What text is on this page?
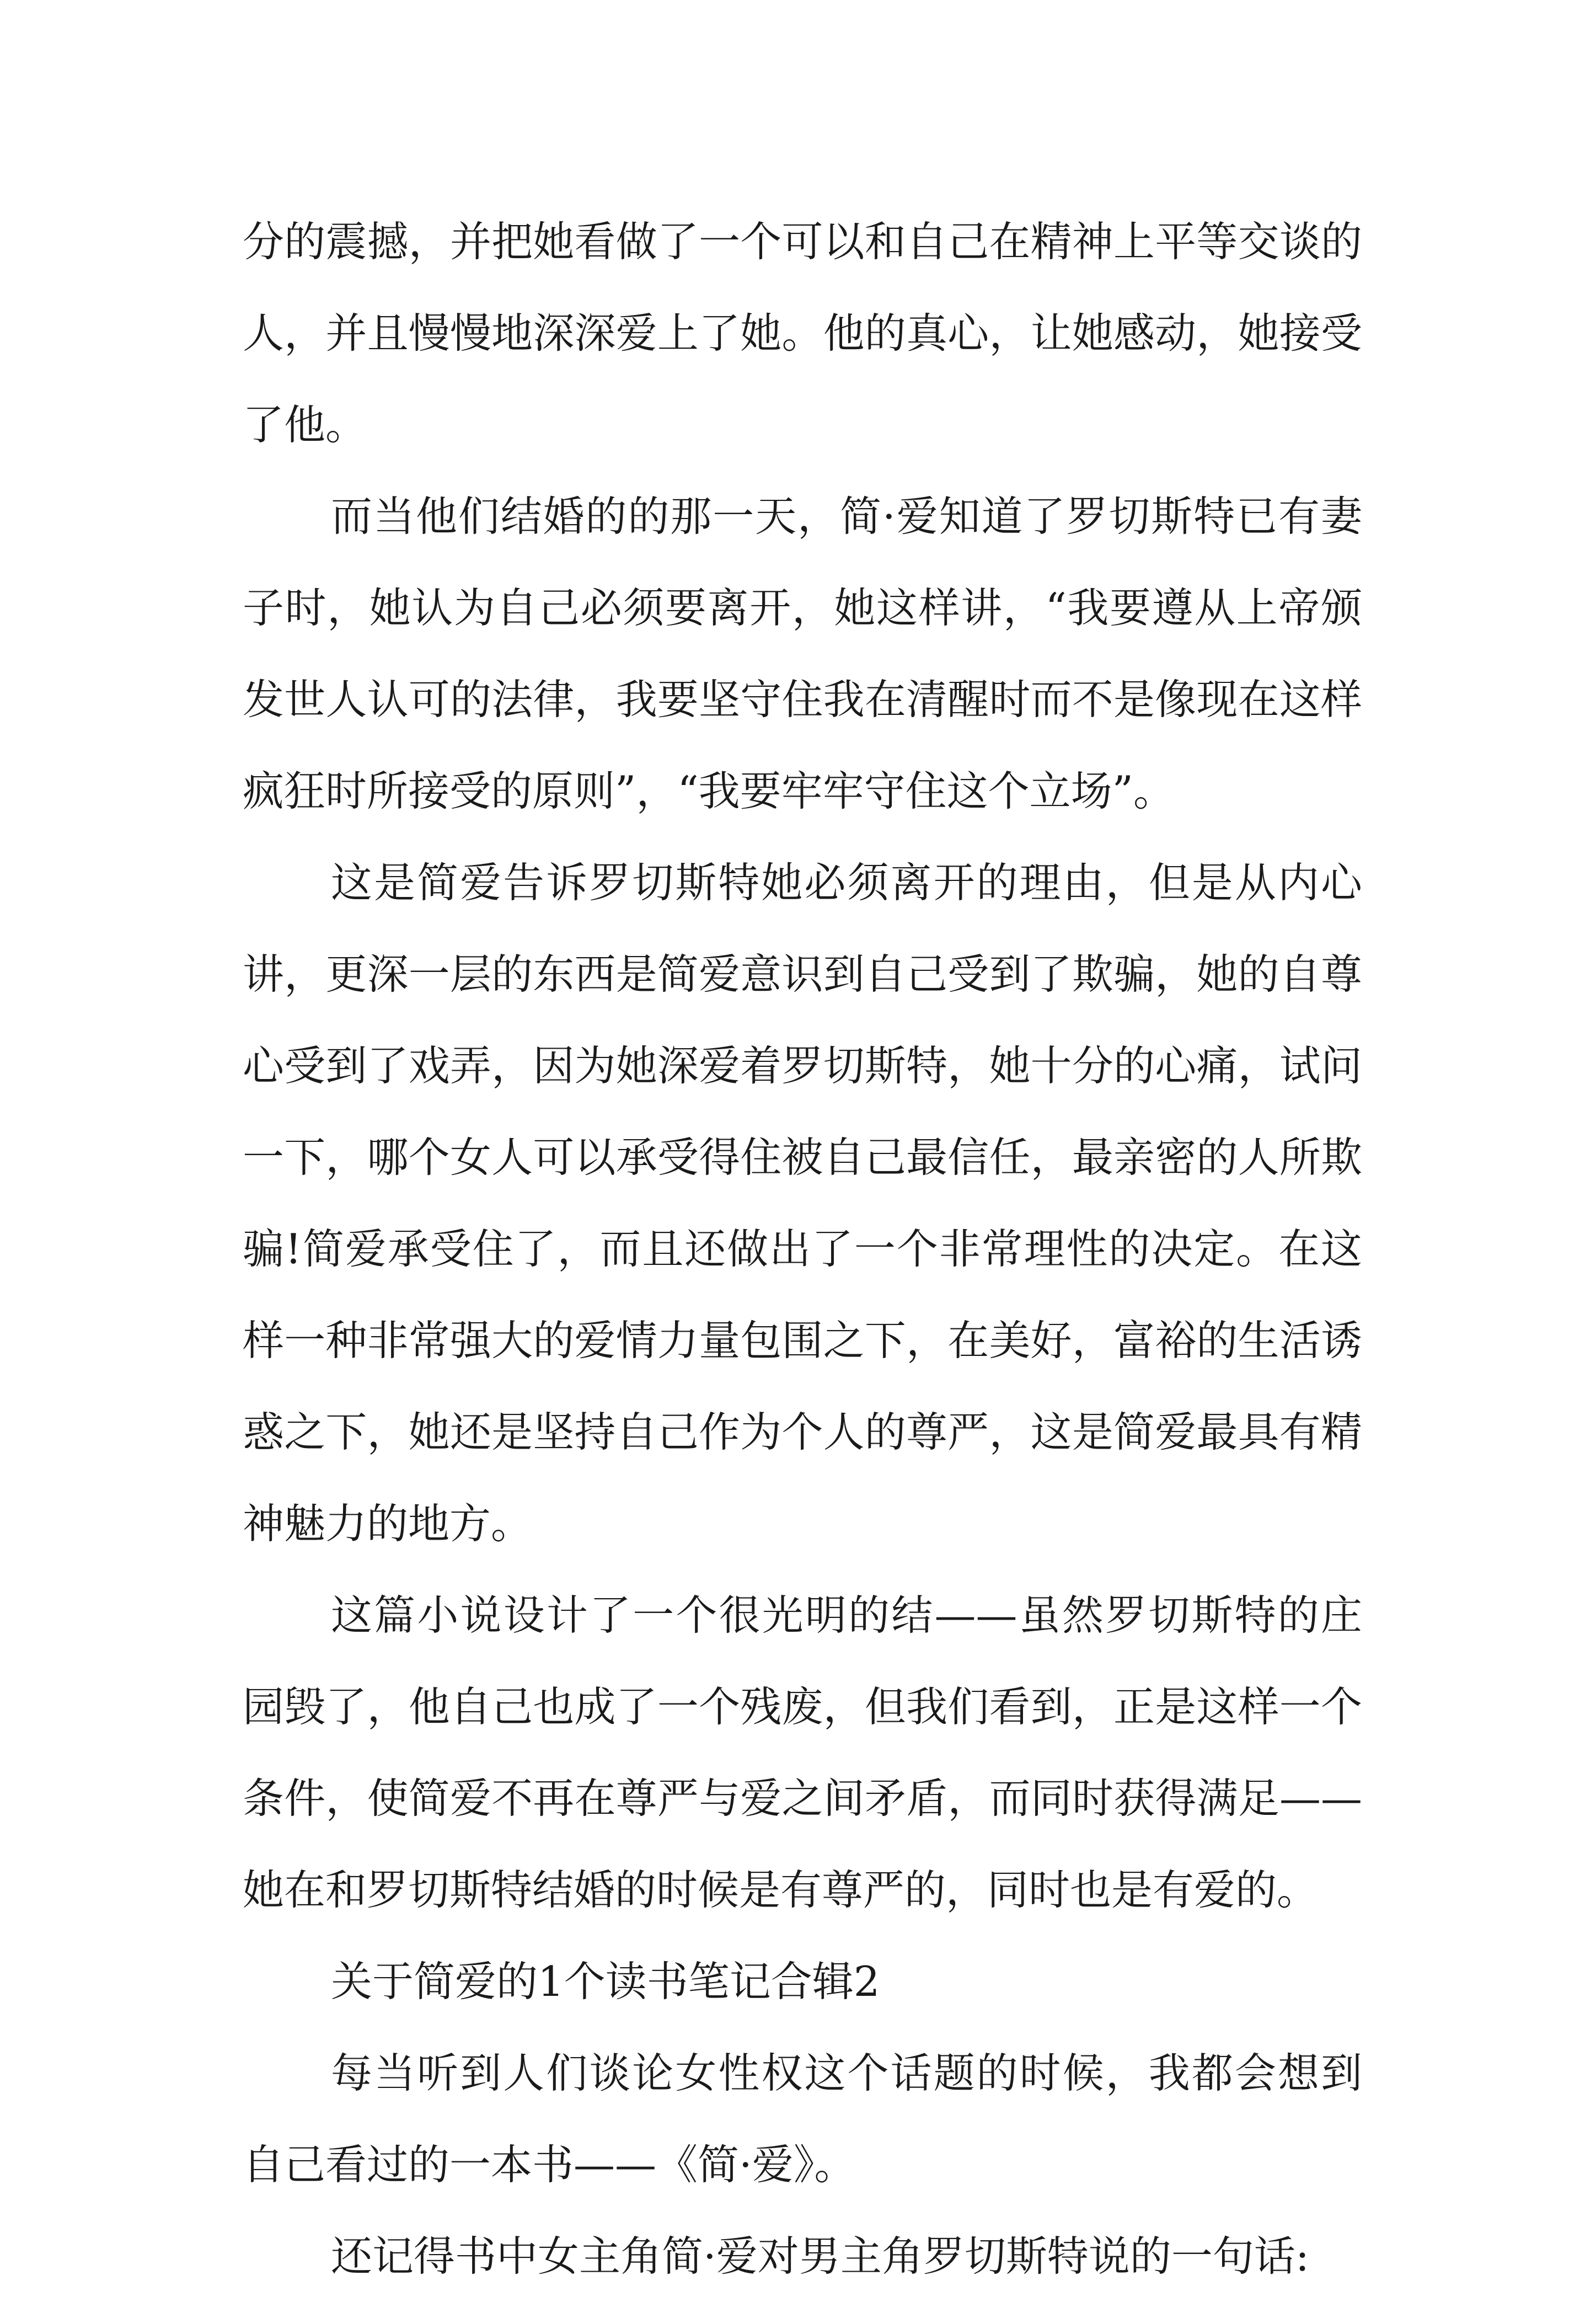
分的震撼，并把她看做了一个可以和自己在精神上平等交谈的人，并且慢慢地深深爱上了她。他的真心，让她感动，她接受了他。

而当他们结婚的的那一天，简·爱知道了罗切斯特已有妻子时，她认为自己必须要离开，她这样讲，“我要遵从上帝颁发世人认可的法律，我要坚守住我在清醒时而不是像现在这样疯狂时所接受的原则”，“我要牢牢守住这个立场”。

这是简爱告诉罗切斯特她必须离开的理由，但是从内心讲，更深一层的东西是简爱意识到自己受到了欺骗，她的自尊心受到了戏弄，因为她深爱着罗切斯特，她十分的心痛，试问一下，哪个女人可以承受得住被自己最信任，最亲密的人所欺骗!简爱承受住了，而且还做出了一个非常理性的决定。在这样一种非常强大的爱情力量包围之下，在美好，富裕的生活诱惑之下，她还是坚持自己作为个人的尊严，这是简爱最具有精神魅力的地方。

这篇小说设计了一个很光明的结——虽然罗切斯特的庄园毁了，他自己也成了一个残废，但我们看到，正是这样一个条件，使简爱不再在尊严与爱之间矛盾，而同时获得满足——她在和罗切斯特结婚的时候是有尊严的，同时也是有爱的。

关于简爱的1个读书笔记合辑2

每当听到人们谈论女性权这个话题的时候，我都会想到自己看过的一本书——《简·爱》。

还记得书中女主角简·爱对男主角罗切斯特说的一句话:
